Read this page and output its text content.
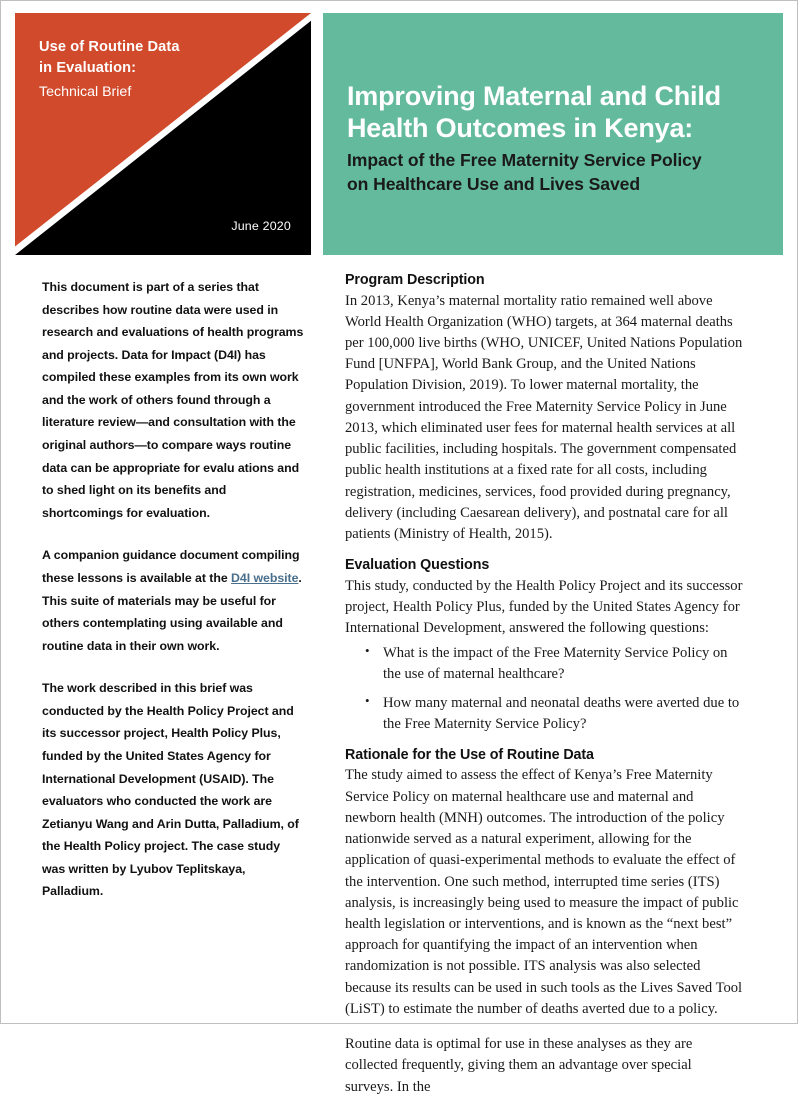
Use of Routine Data
in Evaluation:
Technical Brief
June 2020
Improving Maternal and Child
Health Outcomes in Kenya:
Impact of the Free Maternity Service Policy
on Healthcare Use and Lives Saved

This document is part of a series that describes how routine data were used in research and evaluations of health programs and projects. Data for Impact (D4I) has compiled these examples from its own work and the work of others found through a literature review—and consultation with the original authors—to compare ways routine data can be appropriate for evalu ations and to shed light on its benefits and shortcomings for evaluation.

A companion guidance document compiling these lessons is available at the D4I website. This suite of materials may be useful for others contemplating using available and routine data in their own work.

The work described in this brief was conducted by the Health Policy Project and its successor project, Health Policy Plus, funded by the United States Agency for International Development (USAID). The evaluators who conducted the work are Zetianyu Wang and Arin Dutta, Palladium, of the Health Policy project. The case study was written by Lyubov Teplitskaya, Palladium.

Program Description

In 2013, Kenya’s maternal mortality ratio remained well above World Health Organization (WHO) targets, at 364 maternal deaths per 100,000 live births (WHO, UNICEF, United Nations Population Fund [UNFPA], World Bank Group, and the United Nations Population Division, 2019). To lower maternal mortality, the government introduced the Free Maternity Service Policy in June 2013, which eliminated user fees for maternal health services at all public facilities, including hospitals. The government compensated public health institutions at a fixed rate for all costs, including registration, medicines, services, food provided during pregnancy, delivery (including Caesarean delivery), and postnatal care for all patients (Ministry of Health, 2015).

Evaluation Questions

This study, conducted by the Health Policy Project and its successor project, Health Policy Plus, funded by the United States Agency for International Development, answered the following questions:

• What is the impact of the Free Maternity Service Policy on the use of maternal healthcare?
• How many maternal and neonatal deaths were averted due to the Free Maternity Service Policy?
Rationale for the Use of Routine Data

The study aimed to assess the effect of Kenya’s Free Maternity Service Policy on maternal healthcare use and maternal and newborn health (MNH) outcomes. The introduction of the policy nationwide served as a natural experiment, allowing for the application of quasi-experimental methods to evaluate the effect of the intervention. One such method, interrupted time series (ITS) analysis, is increasingly being used to measure the impact of public health legislation or interventions, and is known as the “next best” approach for quantifying the impact of an intervention when randomization is not possible. ITS analysis was also selected because its results can be used in such tools as the Lives Saved Tool (LiST) to estimate the number of deaths averted due to a policy.

Routine data is optimal for use in these analyses as they are collected frequently, giving them an advantage over special surveys. In the
